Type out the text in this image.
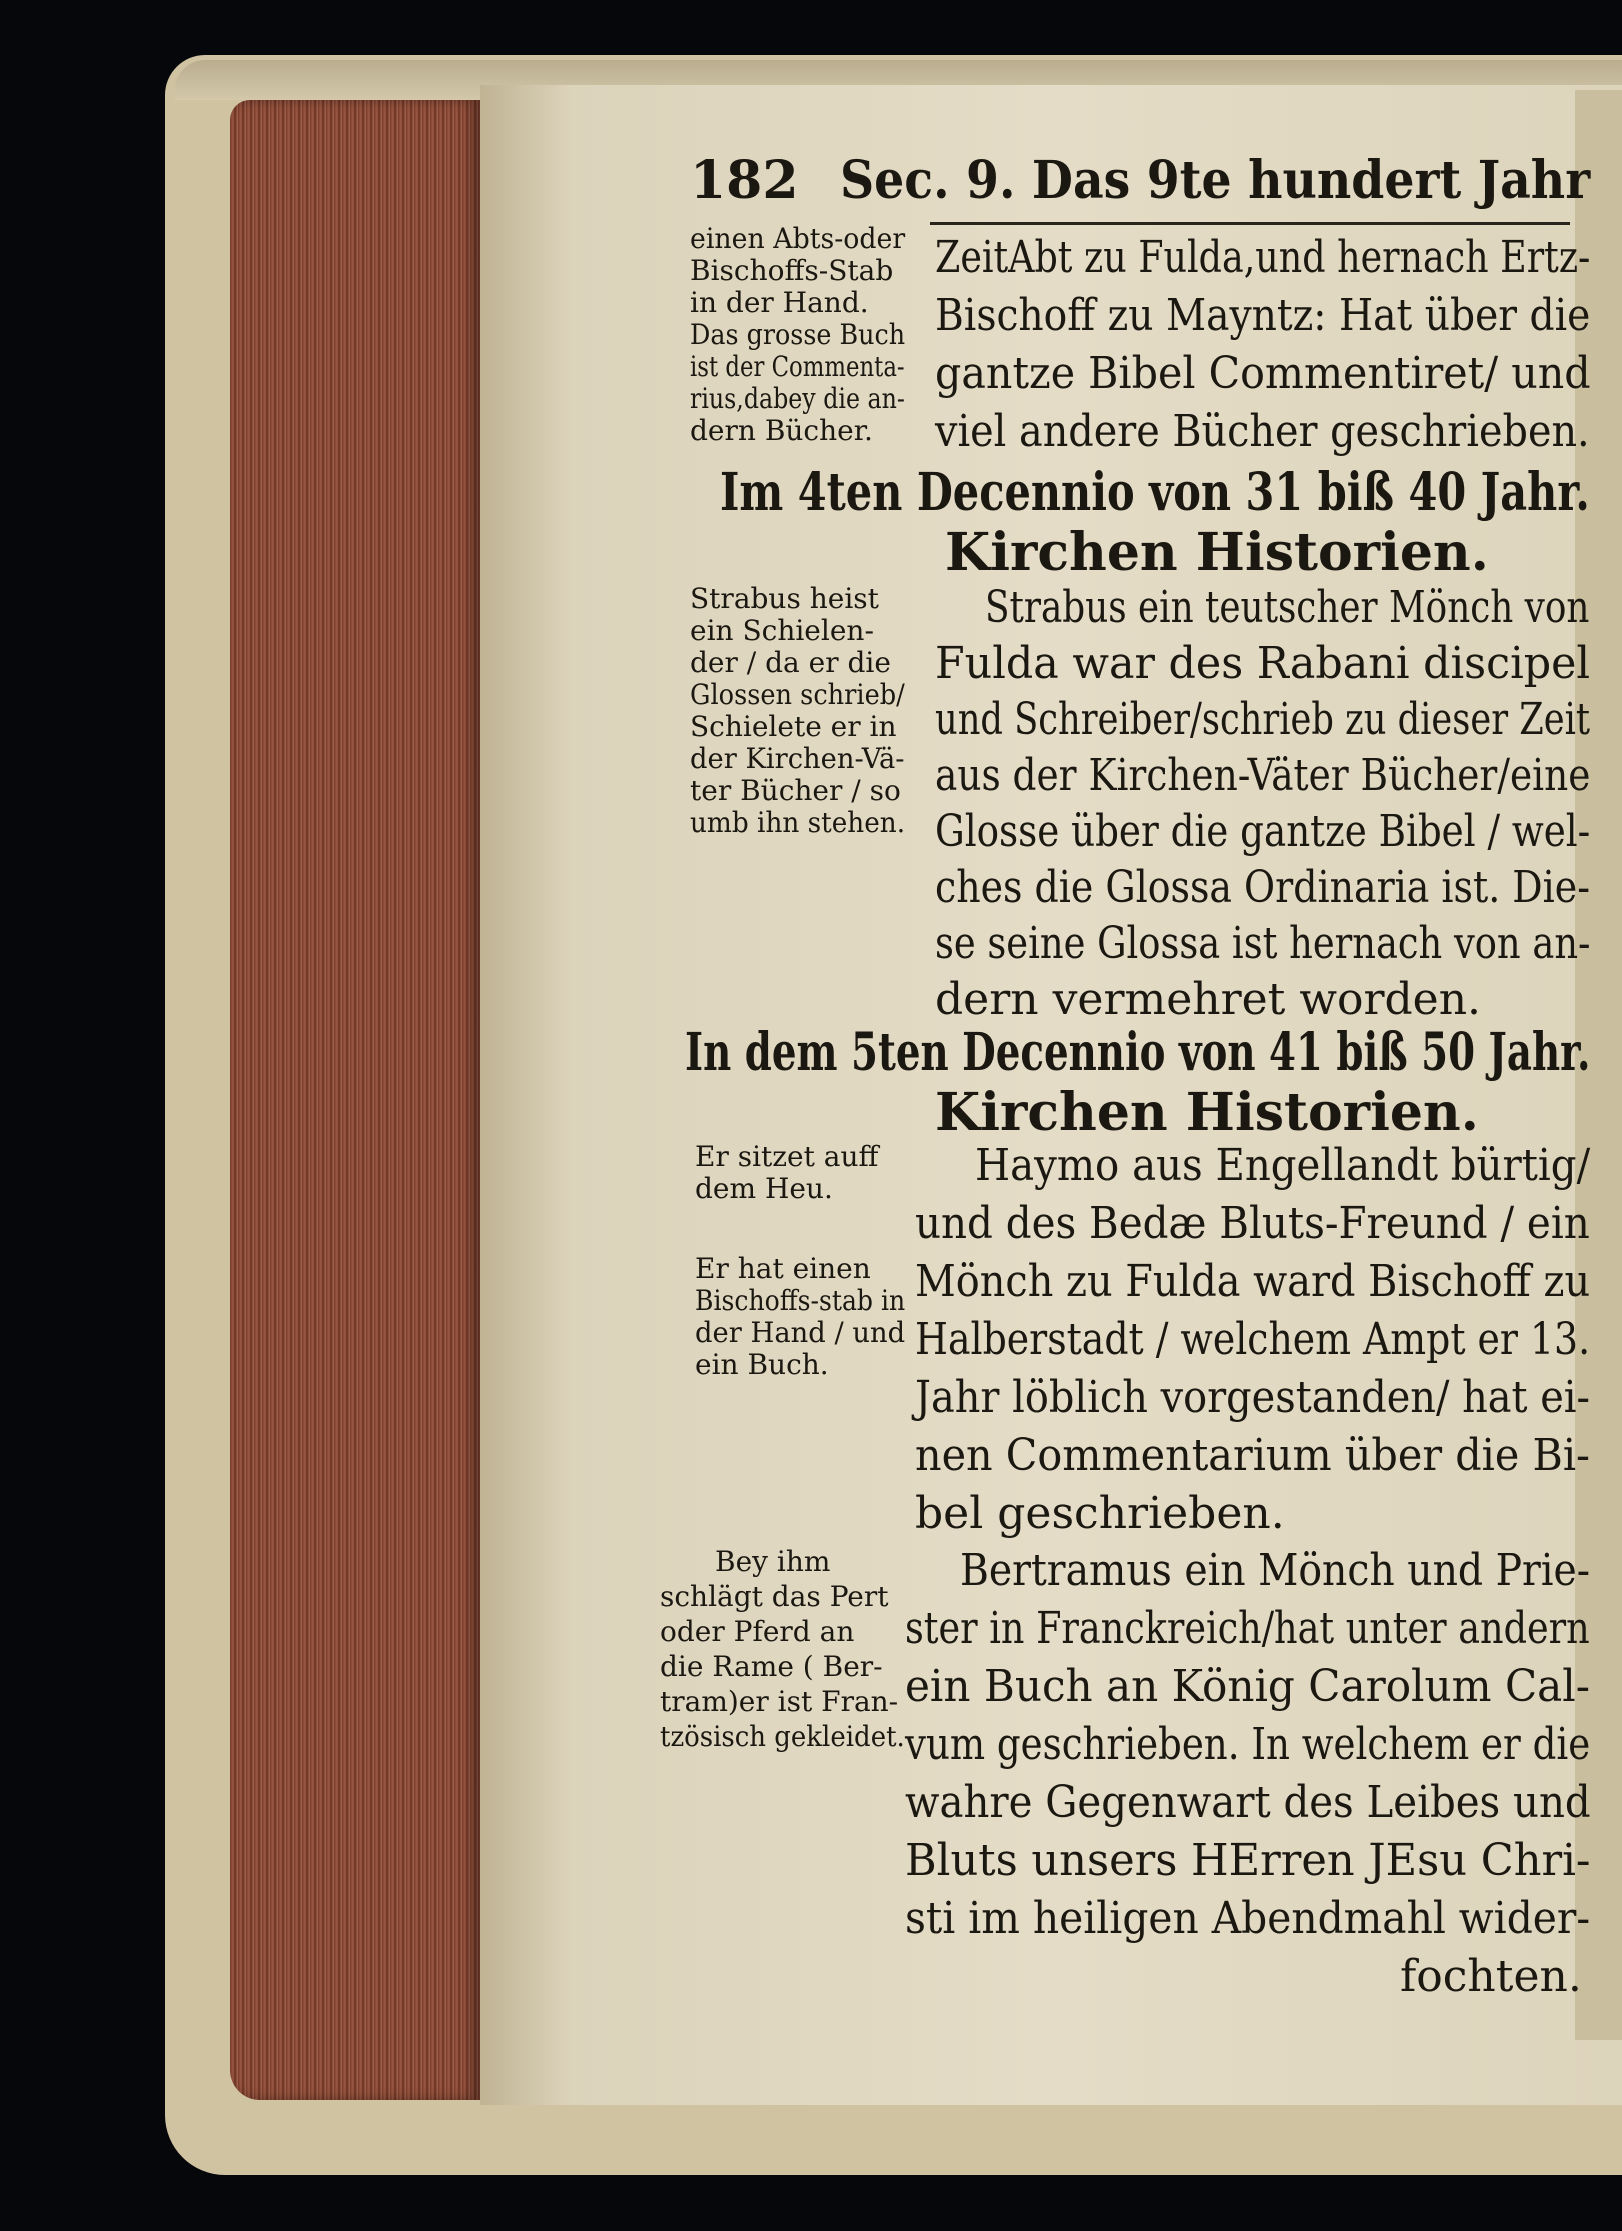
182 Sec. 9. Das 9te hundert Jahr
einen Abts-oder
Bischoffs-Stab
in der Hand.
Das grosse Buch
ist der Commenta-
rius,dabey die an-
dern Bücher.
ZeitAbt zu Fulda,und hernach Ertz-
Bischoff zu Mayntz: Hat über die
gantze Bibel Commentiret/ und
viel andere Bücher geschrieben.
Im 4ten Decennio von 31 biß 40 Jahr.
Kirchen Historien.
Strabus heist
ein Schielen-
der / da er die
Glossen schrieb/
Schielete er in
der Kirchen-Vä-
ter Bücher / so
umb ihn stehen.
Strabus ein teutscher Mönch von
Fulda war des Rabani discipel
und Schreiber/schrieb zu dieser Zeit
aus der Kirchen-Väter Bücher/eine
Glosse über die gantze Bibel / wel-
ches die Glossa Ordinaria ist. Die-
se seine Glossa ist hernach von an-
dern vermehret worden.
In dem 5ten Decennio von 41 biß 50 Jahr.
Kirchen Historien.
Er sitzet auff
dem Heu.
Er hat einen
Bischoffs-stab in
der Hand / und
ein Buch.
Haymo aus Engellandt bürtig/
und des Bedæ Bluts-Freund / ein
Mönch zu Fulda ward Bischoff zu
Halberstadt / welchem Ampt er 13.
Jahr löblich vorgestanden/ hat ei-
nen Commentarium über die Bi-
bel geschrieben.
Bey ihm
schlägt das Pert
oder Pferd an
die Rame ( Ber-
tram)er ist Fran-
tzösisch gekleidet.
Bertramus ein Mönch und Prie-
ster in Franckreich/hat unter andern
ein Buch an König Carolum Cal-
vum geschrieben. In welchem er die
wahre Gegenwart des Leibes und
Bluts unsers HErren JEsu Chri-
sti im heiligen Abendmahl wider-
fochten.
